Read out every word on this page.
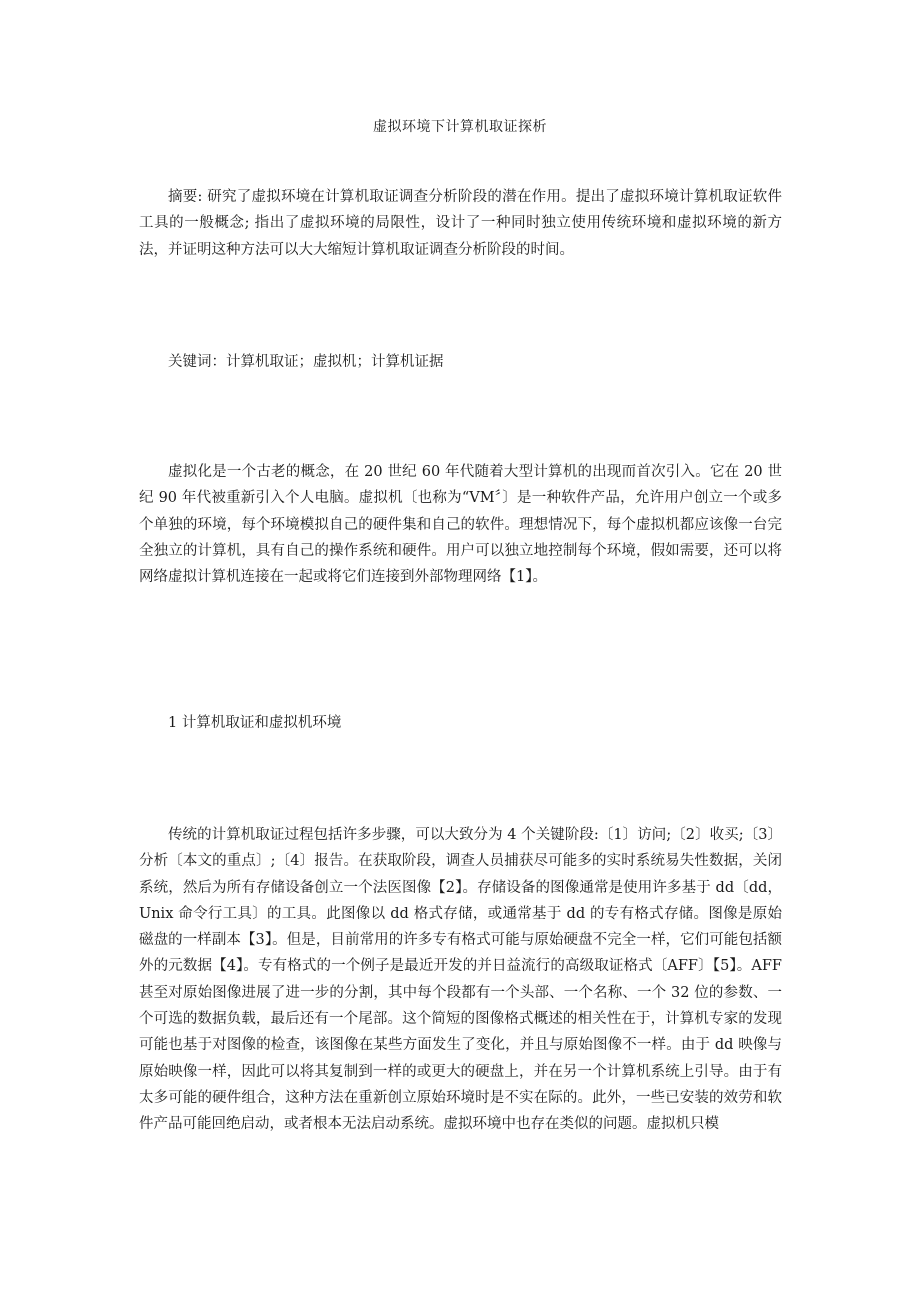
虚拟环境下计算机取证探析

摘要: 研究了虚拟环境在计算机取证调查分析阶段的潜在作用。提出了虚拟环境计算机取证软件工具的一般概念; 指出了虚拟环境的局限性，设计了一种同时独立使用传统环境和虚拟环境的新方法，并证明这种方法可以大大缩短计算机取证调查分析阶段的时间。

关键词：计算机取证；虚拟机；计算机证据

虚拟化是一个古老的概念，在 20 世纪 60 年代随着大型计算机的出现而首次引入。它在 20 世纪 90 年代被重新引入个人电脑。虚拟机〔也称为“VM〞〕是一种软件产品，允许用户创立一个或多个单独的环境，每个环境模拟自己的硬件集和自己的软件。理想情况下，每个虚拟机都应该像一台完全独立的计算机，具有自己的操作系统和硬件。用户可以独立地控制每个环境，假如需要，还可以将网络虚拟计算机连接在一起或将它们连接到外部物理网络【1】。

1 计算机取证和虚拟机环境

传统的计算机取证过程包括许多步骤，可以大致分为 4 个关键阶段:〔1〕访问;〔2〕收买;〔3〕分析〔本文的重点〕;〔4〕报告。在获取阶段，调查人员捕获尽可能多的实时系统易失性数据，关闭系统，然后为所有存储设备创立一个法医图像【2】。存储设备的图像通常是使用许多基于 dd〔dd，Unix 命令行工具〕的工具。此图像以 dd 格式存储，或通常基于 dd 的专有格式存储。图像是原始磁盘的一样副本【3】。但是，目前常用的许多专有格式可能与原始硬盘不完全一样，它们可能包括额外的元数据【4】。专有格式的一个例子是最近开发的并日益流行的高级取证格式〔AFF〕【5】。AFF 甚至对原始图像进展了进一步的分割，其中每个段都有一个头部、一个名称、一个 32 位的参数、一个可选的数据负载，最后还有一个尾部。这个简短的图像格式概述的相关性在于，计算机专家的发现可能也基于对图像的检查，该图像在某些方面发生了变化，并且与原始图像不一样。由于 dd 映像与原始映像一样，因此可以将其复制到一样的或更大的硬盘上，并在另一个计算机系统上引导。由于有太多可能的硬件组合，这种方法在重新创立原始环境时是不实在际的。此外，一些已安装的效劳和软件产品可能回绝启动，或者根本无法启动系统。虚拟环境中也存在类似的问题。虚拟机只模
